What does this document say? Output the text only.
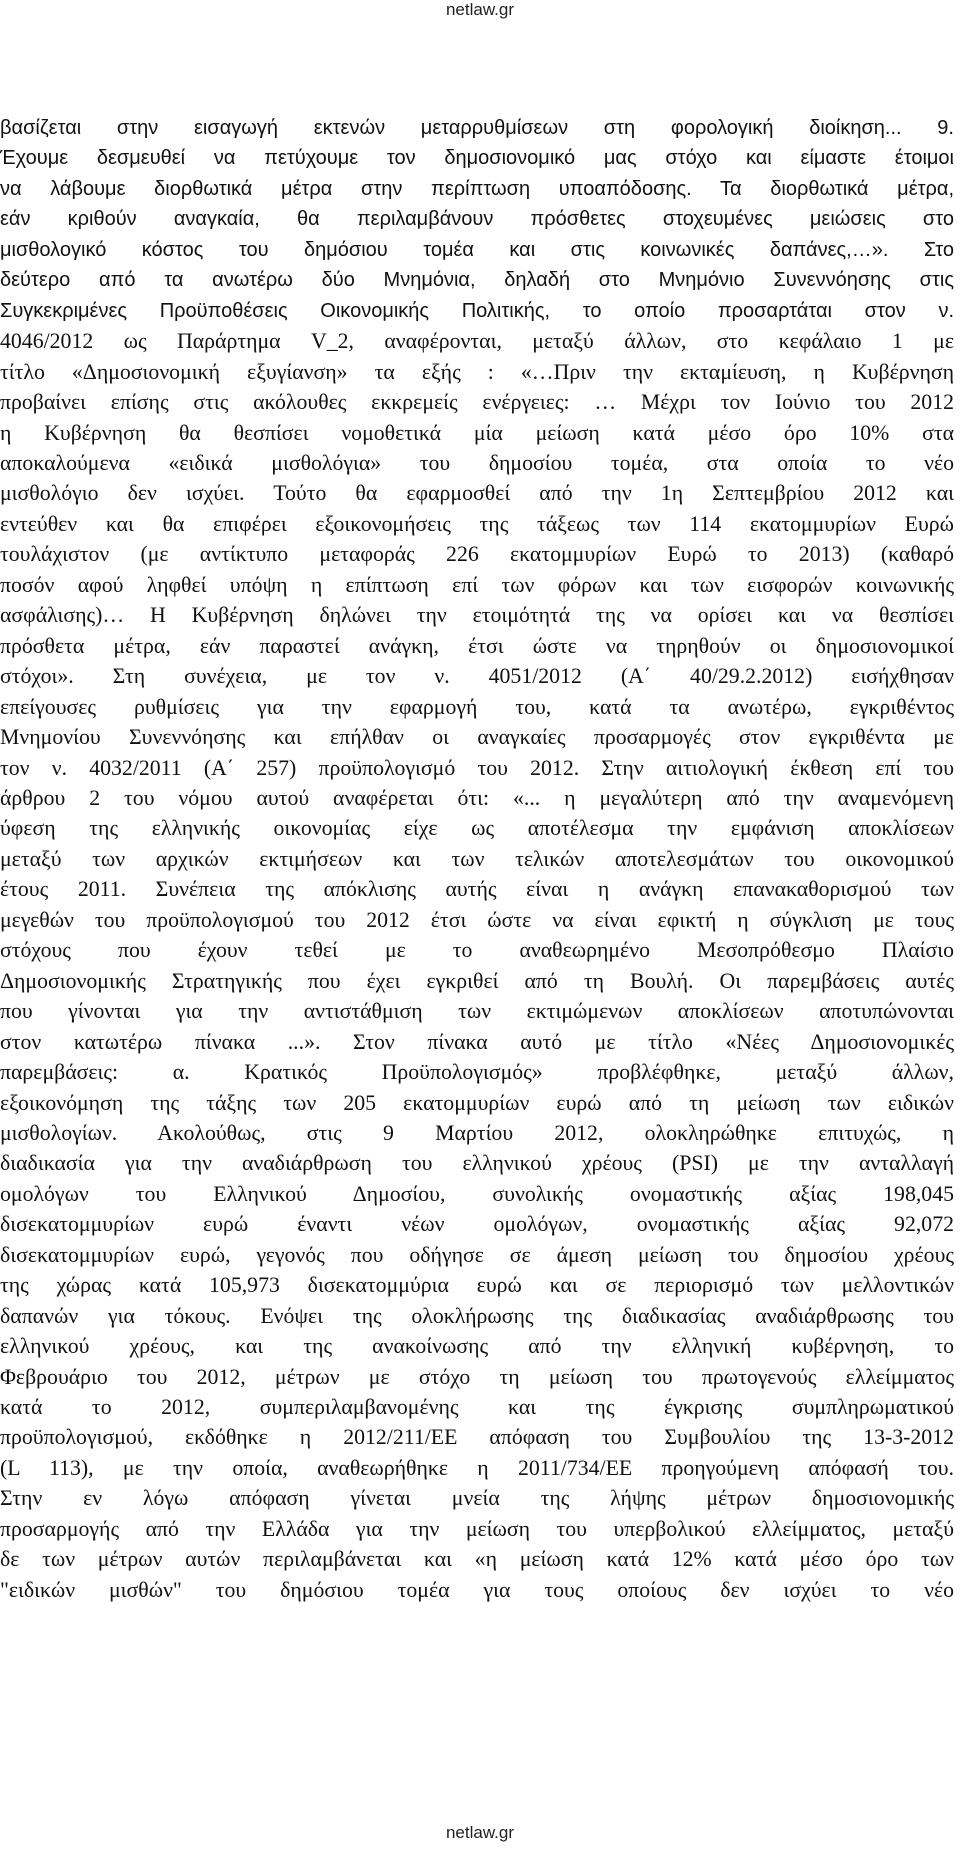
netlaw.gr
βασίζεται στην εισαγωγή εκτενών μεταρρυθμίσεων στη φορολογική διοίκηση... 9.
Έχουμε δεσμευθεί να πετύχουμε τον δημοσιονομικό μας στόχο και είμαστε έτοιμοι
να λάβουμε διορθωτικά μέτρα στην περίπτωση υποαπόδοσης. Τα διορθωτικά μέτρα,
εάν κριθούν αναγκαία, θα περιλαμβάνουν πρόσθετες στοχευμένες μειώσεις στο
μισθολογικό κόστος του δημόσιου τομέα και στις κοινωνικές δαπάνες,…». Στο
δεύτερο από τα ανωτέρω δύο Μνημόνια, δηλαδή στο Μνημόνιο Συνεννόησης στις
Συγκεκριμένες Προϋποθέσεις Οικονομικής Πολιτικής, το οποίο προσαρτάται στον ν.
4046/2012 ως Παράρτημα V_2, αναφέρονται, μεταξύ άλλων, στο κεφάλαιο 1 με
τίτλο «Δημοσιονομική εξυγίανση» τα εξής : «…Πριν την εκταμίευση, η Κυβέρνηση
προβαίνει επίσης στις ακόλουθες εκκρεμείς ενέργειες: … Μέχρι τον Ιούνιο του 2012
η Κυβέρνηση θα θεσπίσει νομοθετικά μία μείωση κατά μέσο όρο 10% στα
αποκαλούμενα «ειδικά μισθολόγια» του δημοσίου τομέα, στα οποία το νέο
μισθολόγιο δεν ισχύει. Τούτο θα εφαρμοσθεί από την 1η Σεπτεμβρίου 2012 και
εντεύθεν και θα επιφέρει εξοικονομήσεις της τάξεως των 114 εκατομμυρίων Ευρώ
τουλάχιστον (με αντίκτυπο μεταφοράς 226 εκατομμυρίων Ευρώ το 2013) (καθαρό
ποσόν αφού ληφθεί υπόψη η επίπτωση επί των φόρων και των εισφορών κοινωνικής
ασφάλισης)… Η Κυβέρνηση δηλώνει την ετοιμότητά της να ορίσει και να θεσπίσει
πρόσθετα μέτρα, εάν παραστεί ανάγκη, έτσι ώστε να τηρηθούν οι δημοσιονομικοί
στόχοι». Στη συνέχεια, με τον ν. 4051/2012 (Α΄ 40/29.2.2012) εισήχθησαν
επείγουσες ρυθμίσεις για την εφαρμογή του, κατά τα ανωτέρω, εγκριθέντος
Μνημονίου Συνεννόησης και επήλθαν οι αναγκαίες προσαρμογές στον εγκριθέντα με
τον ν. 4032/2011 (Α΄ 257) προϋπολογισμό του 2012. Στην αιτιολογική έκθεση επί του
άρθρου 2 του νόμου αυτού αναφέρεται ότι: «... η μεγαλύτερη από την αναμενόμενη
ύφεση της ελληνικής οικονομίας είχε ως αποτέλεσμα την εμφάνιση αποκλίσεων
μεταξύ των αρχικών εκτιμήσεων και των τελικών αποτελεσμάτων του οικονομικού
έτους 2011. Συνέπεια της απόκλισης αυτής είναι η ανάγκη επανακαθορισμού των
μεγεθών του προϋπολογισμού του 2012 έτσι ώστε να είναι εφικτή η σύγκλιση με τους
στόχους που έχουν τεθεί με το αναθεωρημένο Μεσοπρόθεσμο Πλαίσιο
Δημοσιονομικής Στρατηγικής που έχει εγκριθεί από τη Βουλή. Οι παρεμβάσεις αυτές
που γίνονται για την αντιστάθμιση των εκτιμώμενων αποκλίσεων αποτυπώνονται
στον κατωτέρω πίνακα ...». Στον πίνακα αυτό με τίτλο «Νέες Δημοσιονομικές
παρεμβάσεις: α. Κρατικός Προϋπολογισμός» προβλέφθηκε, μεταξύ άλλων,
εξοικονόμηση της τάξης των 205 εκατομμυρίων ευρώ από τη μείωση των ειδικών
μισθολογίων. Ακολούθως, στις 9 Μαρτίου 2012, ολοκληρώθηκε επιτυχώς, η
διαδικασία για την αναδιάρθρωση του ελληνικού χρέους (PSI) με την ανταλλαγή
ομολόγων του Ελληνικού Δημοσίου, συνολικής ονομαστικής αξίας 198,045
δισεκατομμυρίων ευρώ έναντι νέων ομολόγων, ονομαστικής αξίας 92,072
δισεκατομμυρίων ευρώ, γεγονός που οδήγησε σε άμεση μείωση του δημοσίου χρέους
της χώρας κατά 105,973 δισεκατομμύρια ευρώ και σε περιορισμό των μελλοντικών
δαπανών για τόκους. Ενόψει της ολοκλήρωσης της διαδικασίας αναδιάρθρωσης του
ελληνικού χρέους, και της ανακοίνωσης από την ελληνική κυβέρνηση, το
Φεβρουάριο του 2012, μέτρων με στόχο τη μείωση του πρωτογενούς ελλείμματος
κατά το 2012, συμπεριλαμβανομένης και της έγκρισης συμπληρωματικού
προϋπολογισμού, εκδόθηκε η 2012/211/ΕΕ απόφαση του Συμβουλίου της 13-3-2012
(L 113), με την οποία, αναθεωρήθηκε η 2011/734/ΕΕ προηγούμενη απόφασή του.
Στην εν λόγω απόφαση γίνεται μνεία της λήψης μέτρων δημοσιονομικής
προσαρμογής από την Ελλάδα για την μείωση του υπερβολικού ελλείμματος, μεταξύ
δε των μέτρων αυτών περιλαμβάνεται και «η μείωση κατά 12% κατά μέσο όρο των
"ειδικών μισθών" του δημόσιου τομέα για τους οποίους δεν ισχύει το νέο
netlaw.gr
